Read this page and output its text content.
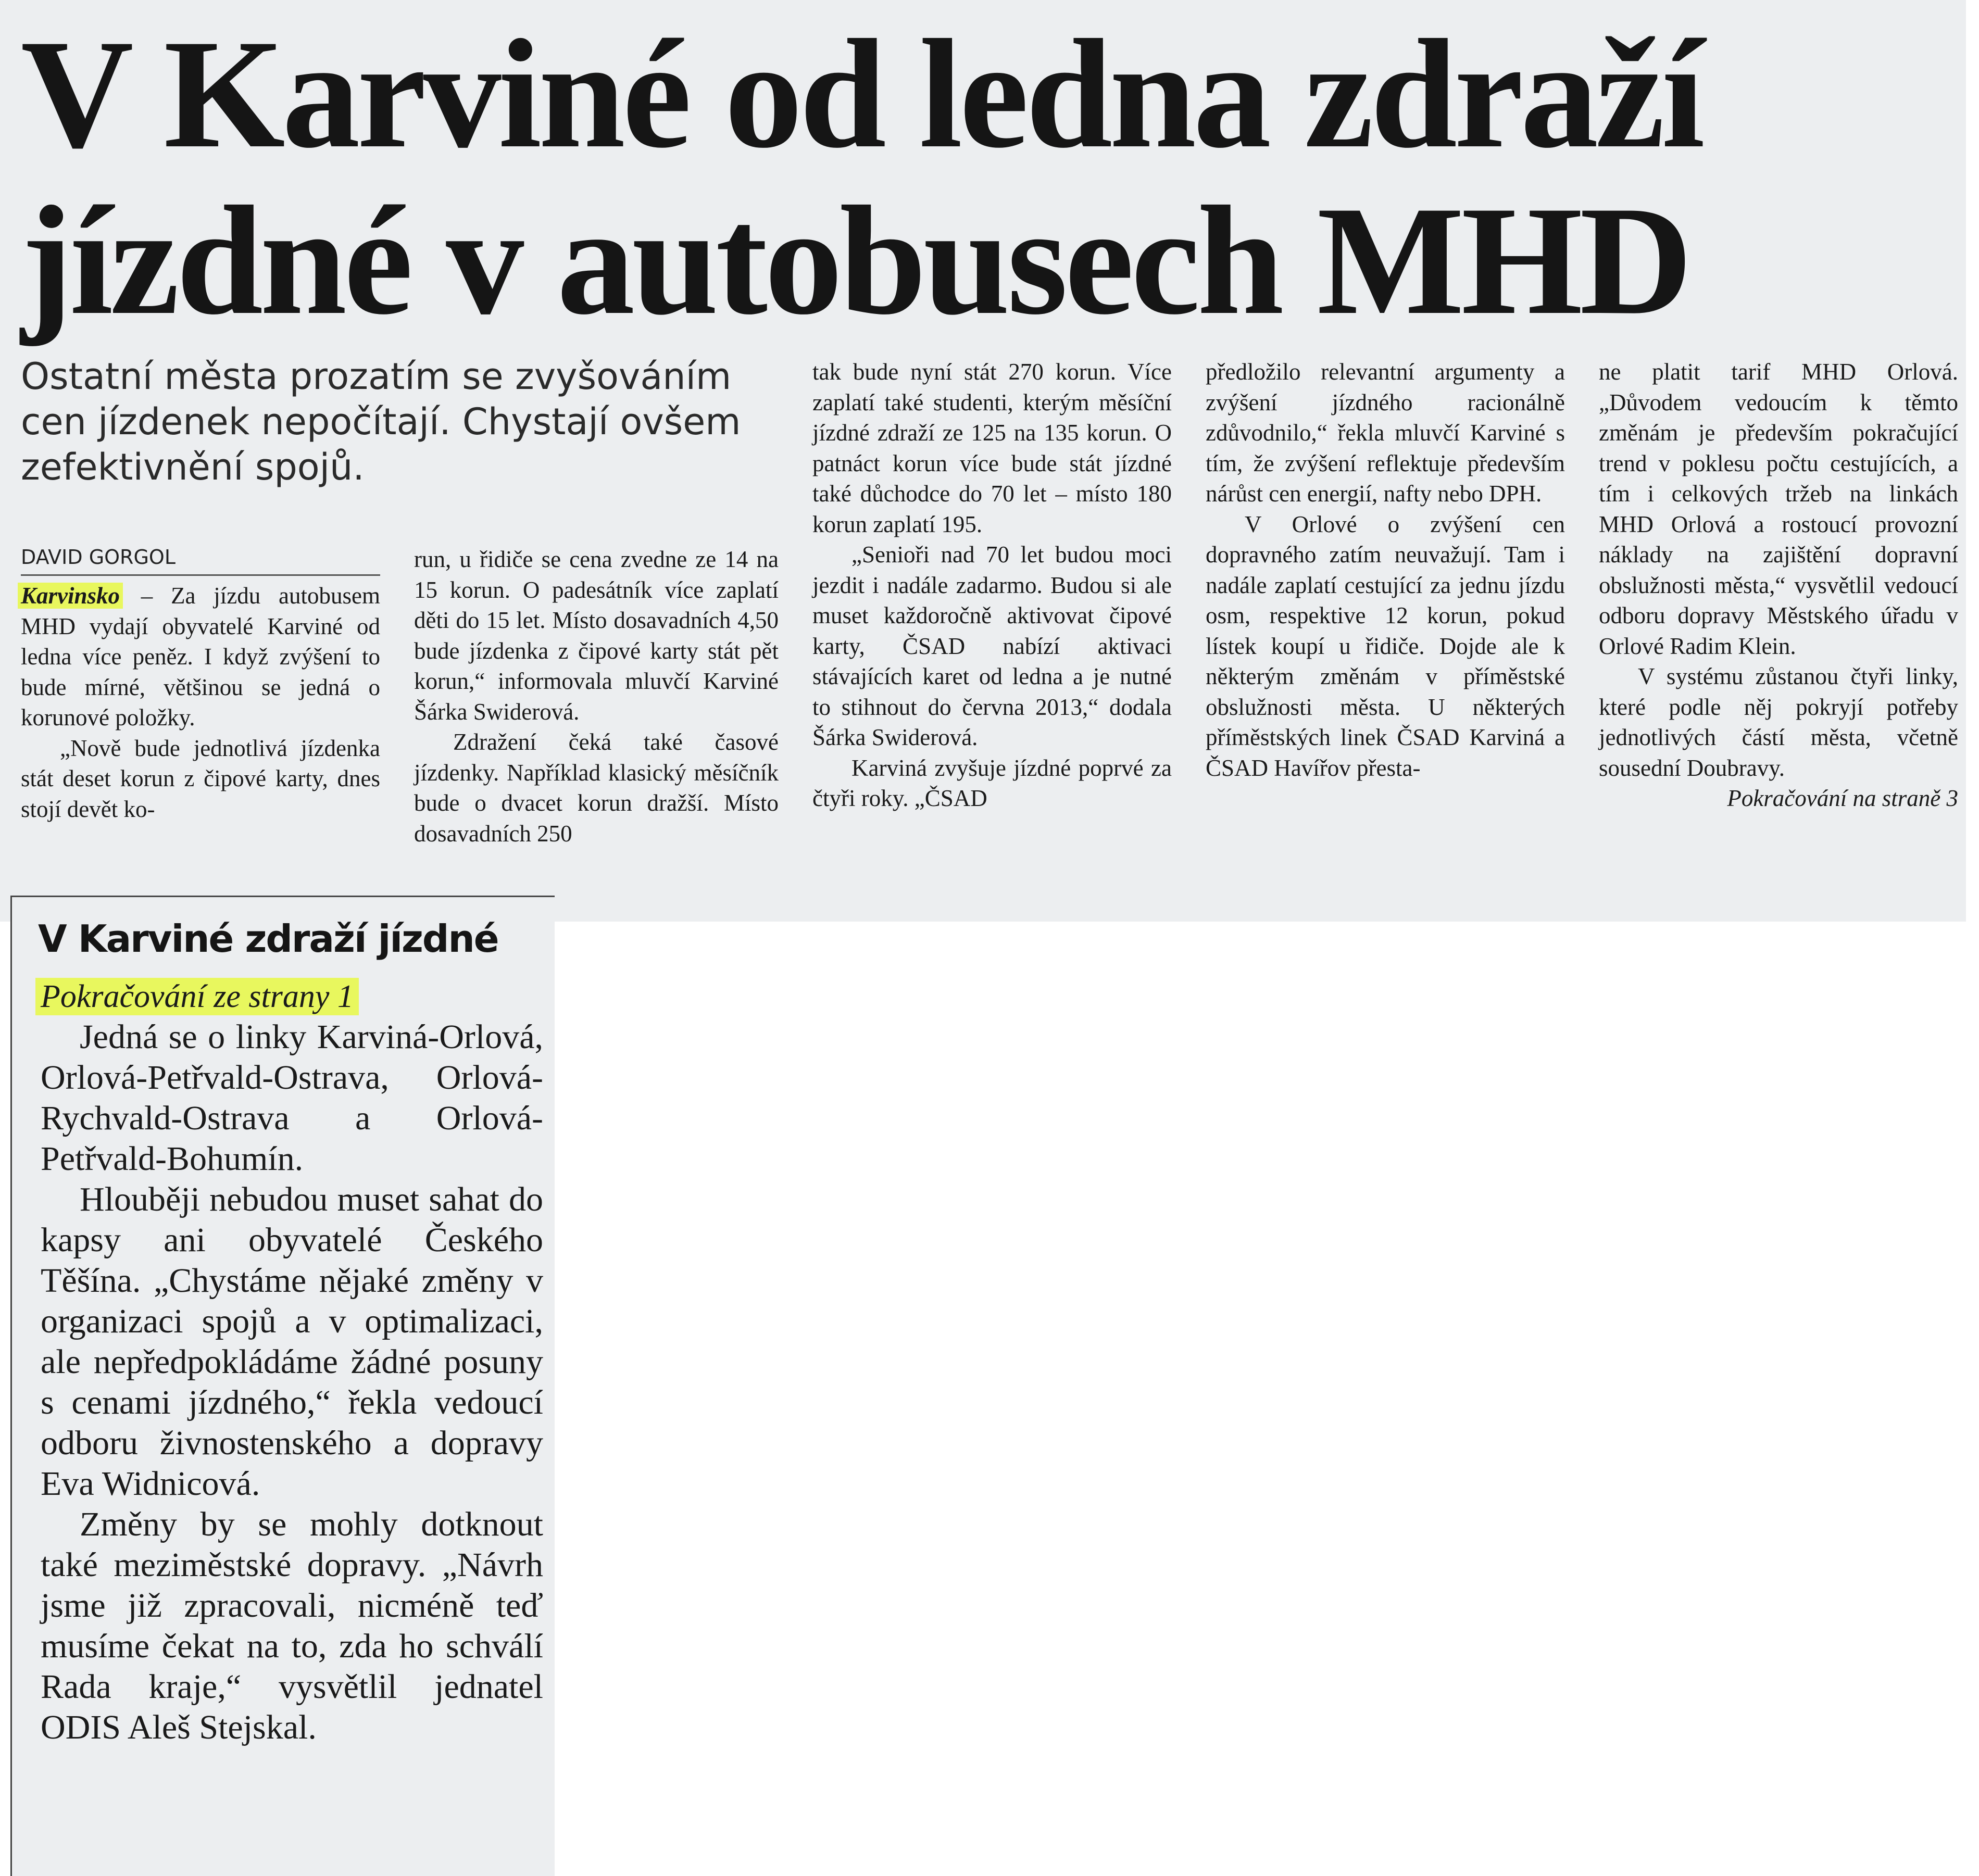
V Karviné od ledna zdraží jízdné v autobusech MHD
Ostatní města prozatím se zvyšováním cen jízdenek nepočítají. Chystají ovšem zefektivnění spojů.
DAVID GORGOL

Karvinsko – Za jízdu autobusem MHD vydají obyvatelé Karviné od ledna více peněz. I když zvýšení to bude mírné, většinou se jedná o korunové položky.

„Nově bude jednotlivá jízdenka stát deset korun z čipové karty, dnes stojí devět ko-

run, u řidiče se cena zvedne ze 14 na 15 korun. O padesátník více zaplatí děti do 15 let. Místo dosavadních 4,50 bude jízdenka z čipové karty stát pět korun,“ informovala mluvčí Karviné Šárka Swiderová.

Zdražení čeká také časové jízdenky. Například klasický měsíčník bude o dvacet korun dražší. Místo dosavadních 250

tak bude nyní stát 270 korun. Více zaplatí také studenti, kterým měsíční jízdné zdraží ze 125 na 135 korun. O patnáct korun více bude stát jízdné také důchodce do 70 let – místo 180 korun zaplatí 195.

„Senioři nad 70 let budou moci jezdit i nadále zadarmo. Budou si ale muset každoročně aktivovat čipové karty, ČSAD nabízí aktivaci stávajících karet od ledna a je nutné to stihnout do června 2013,“ dodala Šárka Swiderová.

Karviná zvyšuje jízdné poprvé za čtyři roky. „ČSAD

předložilo relevantní argumenty a zvýšení jízdného racionálně zdůvodnilo,“ řekla mluvčí Karviné s tím, že zvýšení reflektuje především nárůst cen energií, nafty nebo DPH.

V Orlové o zvýšení cen dopravného zatím neuvažují. Tam i nadále zaplatí cestující za jednu jízdu osm, respektive 12 korun, pokud lístek koupí u řidiče. Dojde ale k některým změnám v příměstské obslužnosti města. U některých příměstských linek ČSAD Karviná a ČSAD Havířov přesta-

ne platit tarif MHD Orlová. „Důvodem vedoucím k těmto změnám je především pokračující trend v poklesu počtu cestujících, a tím i celkových tržeb na linkách MHD Orlová a rostoucí provozní náklady na zajištění dopravní obslužnosti města,“ vysvětlil vedoucí odboru dopravy Městského úřadu v Orlové Radim Klein.

V systému zůstanou čtyři linky, které podle něj pokryjí potřeby jednotlivých částí města, včetně sousední Doubravy.

Pokračování na straně 3

V Karviné zdraží jízdné
Pokračování ze strany 1

Jedná se o linky Karviná-Orlová, Orlová-Petřvald-Ostrava, Orlová-Rychvald-Ostrava a Orlová-Petřvald-Bohumín.

Hlouběji nebudou muset sahat do kapsy ani obyvatelé Českého Těšína. „Chystáme nějaké změny v organizaci spojů a v optimalizaci, ale nepředpokládáme žádné posuny s cenami jízdného,“ řekla vedoucí odboru živnostenského a dopravy Eva Widnicová.

Změny by se mohly dotknout také meziměstské dopravy. „Návrh jsme již zpracovali, nicméně teď musíme čekat na to, zda ho schválí Rada kraje,“ vysvětlil jednatel ODIS Aleš Stejskal.
